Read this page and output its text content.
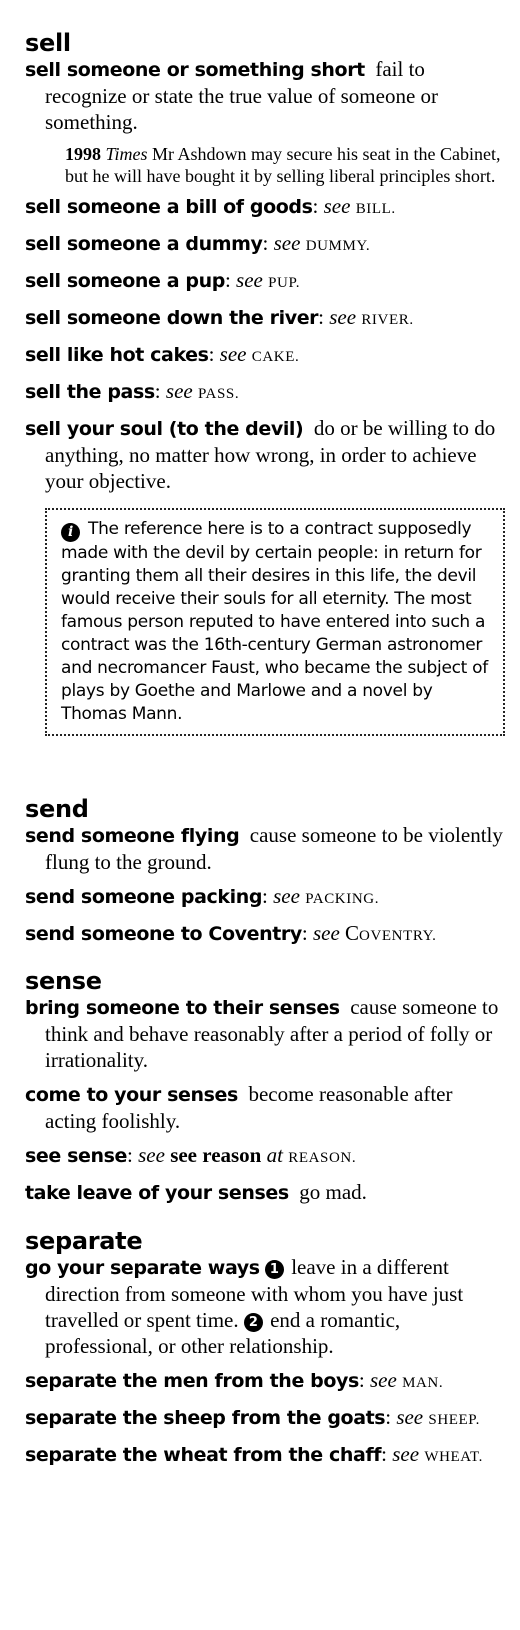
sell

sell someone or something short fail to recognize or state the true value of someone or something.

1998 Times Mr Ashdown may secure his seat in the Cabinet, but he will have bought it by selling liberal principles short.

sell someone a bill of goods: see BILL.

sell someone a dummy: see DUMMY.

sell someone a pup: see PUP.

sell someone down the river: see RIVER.

sell like hot cakes: see CAKE.

sell the pass: see PASS.

sell your soul (to the devil) do or be willing to do anything, no matter how wrong, in order to achieve your objective.

i The reference here is to a contract supposedly made with the devil by certain people: in return for granting them all their desires in this life, the devil would receive their souls for all eternity. The most famous person reputed to have entered into such a contract was the 16th-century German astronomer and necromancer Faust, who became the subject of plays by Goethe and Marlowe and a novel by Thomas Mann.
send

send someone flying cause someone to be violently flung to the ground.

send someone packing: see PACKING.

send someone to Coventry: see COVENTRY.

sense

bring someone to their senses cause someone to think and behave reasonably after a period of folly or irrationality.

come to your senses become reasonable after acting foolishly.

see sense: see see reason at REASON.

take leave of your senses go mad.

separate

go your separate ways 1 leave in a different direction from someone with whom you have just travelled or spent time. 2 end a romantic, professional, or other relationship.

separate the men from the boys: see MAN.

separate the sheep from the goats: see SHEEP.

separate the wheat from the chaff: see WHEAT.
